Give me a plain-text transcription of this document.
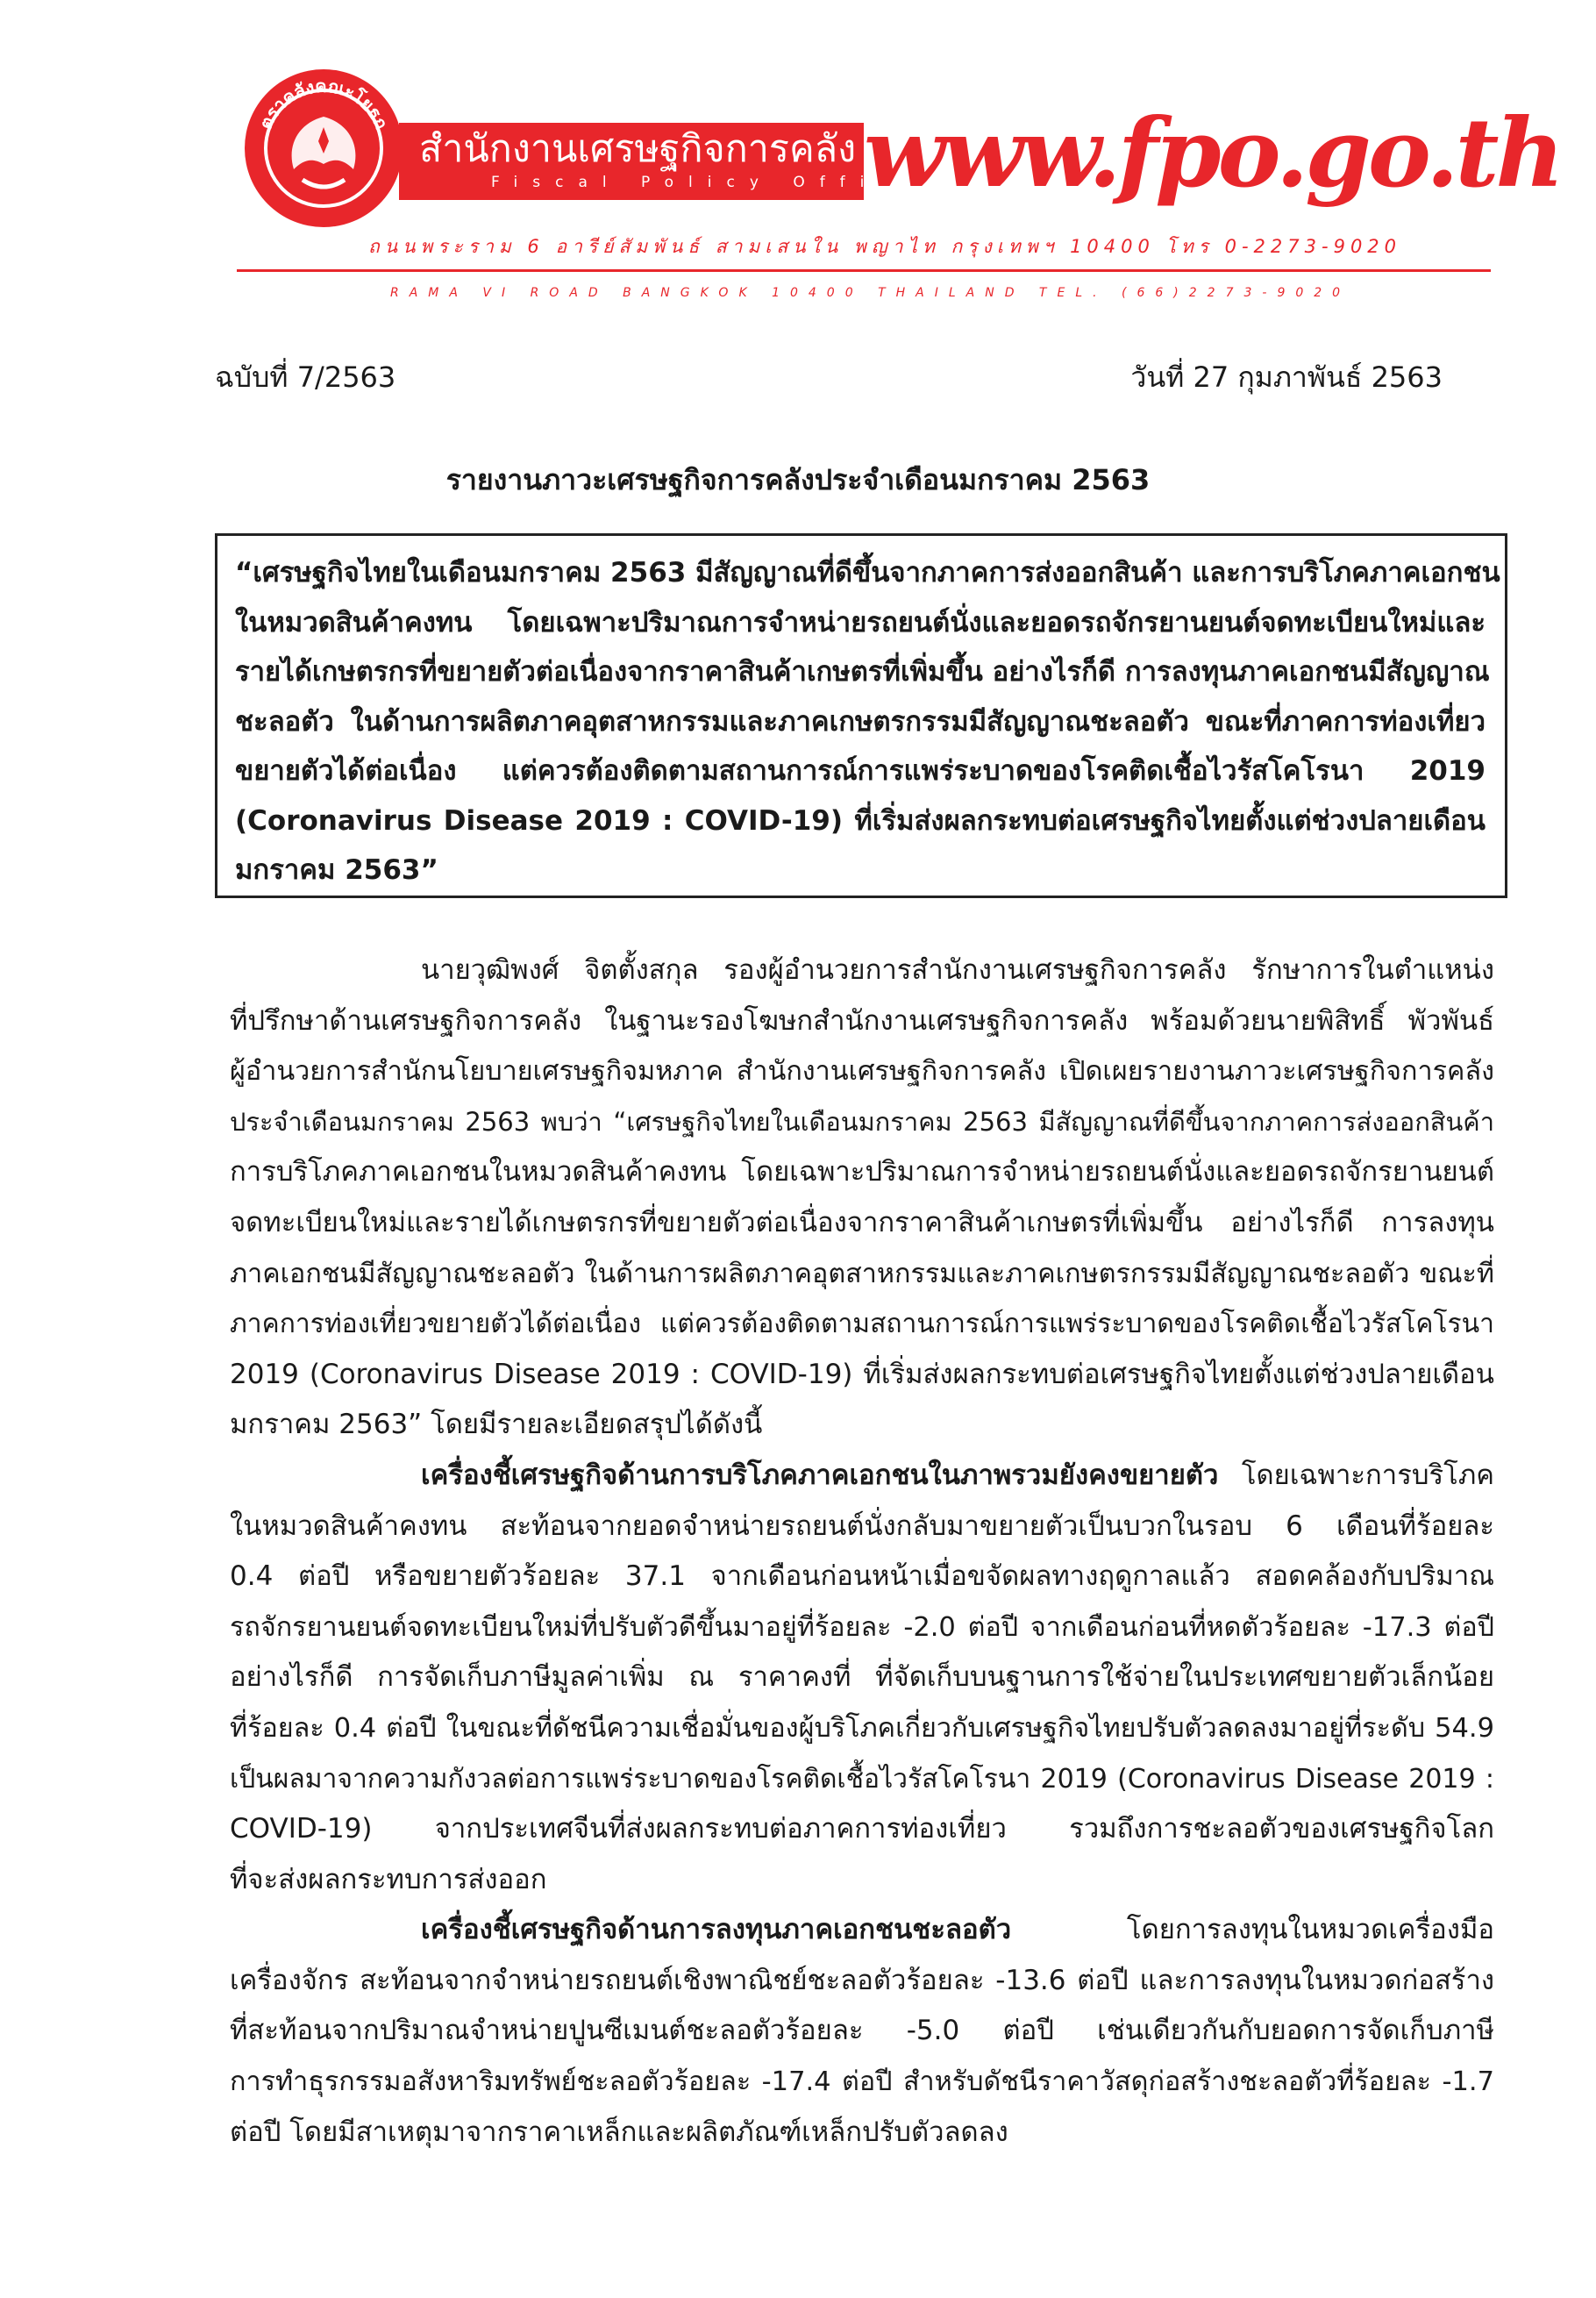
ตราคลังคณะโยธก
สำนักงานเศรษฐกิจการคลัง
Fiscal Policy Office
www.fpo.go.th
ถนนพระราม 6 อารีย์สัมพันธ์ สามเสนใน พญาไท กรุงเทพฯ 10400 โทร 0-2273-9020
RAMA VI ROAD BANGKOK 10400 THAILAND TEL. (66)2273-9020
ฉบับที่ 7/2563	วันที่ 27 กุมภาพันธ์ 2563
รายงานภาวะเศรษฐกิจการคลังประจำเดือนมกราคม 2563
“เศรษฐกิจไทยในเดือนมกราคม 2563 มีสัญญาณที่ดีขึ้นจากภาคการส่งออกสินค้า และการบริโภคภาคเอกชน
ในหมวดสินค้าคงทน โดยเฉพาะปริมาณการจำหน่ายรถยนต์นั่งและยอดรถจักรยานยนต์จดทะเบียนใหม่และ
รายได้เกษตรกรที่ขยายตัวต่อเนื่องจากราคาสินค้าเกษตรที่เพิ่มขึ้น อย่างไรก็ดี การลงทุนภาคเอกชนมีสัญญาณ
ชะลอตัว ในด้านการผลิตภาคอุตสาหกรรมและภาคเกษตรกรรมมีสัญญาณชะลอตัว ขณะที่ภาคการท่องเที่ยว
ขยายตัวได้ต่อเนื่อง แต่ควรต้องติดตามสถานการณ์การแพร่ระบาดของโรคติดเชื้อไวรัสโคโรนา 2019
(Coronavirus Disease 2019 : COVID-19) ที่เริ่มส่งผลกระทบต่อเศรษฐกิจไทยตั้งแต่ช่วงปลายเดือน
มกราคม 2563”
นายวุฒิพงศ์ จิตตั้งสกุล รองผู้อำนวยการสำนักงานเศรษฐกิจการคลัง รักษาการในตำแหน่ง
ที่ปรึกษาด้านเศรษฐกิจการคลัง ในฐานะรองโฆษกสำนักงานเศรษฐกิจการคลัง พร้อมด้วยนายพิสิทธิ์ พัวพันธ์
ผู้อำนวยการสำนักนโยบายเศรษฐกิจมหภาค สำนักงานเศรษฐกิจการคลัง เปิดเผยรายงานภาวะเศรษฐกิจการคลัง
ประจำเดือนมกราคม 2563 พบว่า “เศรษฐกิจไทยในเดือนมกราคม 2563 มีสัญญาณที่ดีขึ้นจากภาคการส่งออกสินค้า
การบริโภคภาคเอกชนในหมวดสินค้าคงทน โดยเฉพาะปริมาณการจำหน่ายรถยนต์นั่งและยอดรถจักรยานยนต์
จดทะเบียนใหม่และรายได้เกษตรกรที่ขยายตัวต่อเนื่องจากราคาสินค้าเกษตรที่เพิ่มขึ้น อย่างไรก็ดี การลงทุน
ภาคเอกชนมีสัญญาณชะลอตัว ในด้านการผลิตภาคอุตสาหกรรมและภาคเกษตรกรรมมีสัญญาณชะลอตัว ขณะที่
ภาคการท่องเที่ยวขยายตัวได้ต่อเนื่อง แต่ควรต้องติดตามสถานการณ์การแพร่ระบาดของโรคติดเชื้อไวรัสโคโรนา
2019 (Coronavirus Disease 2019 : COVID-19) ที่เริ่มส่งผลกระทบต่อเศรษฐกิจไทยตั้งแต่ช่วงปลายเดือน
มกราคม 2563” โดยมีรายละเอียดสรุปได้ดังนี้
เครื่องชี้เศรษฐกิจด้านการบริโภคภาคเอกชนในภาพรวมยังคงขยายตัว โดยเฉพาะการบริโภค
ในหมวดสินค้าคงทน สะท้อนจากยอดจำหน่ายรถยนต์นั่งกลับมาขยายตัวเป็นบวกในรอบ 6 เดือนที่ร้อยละ
0.4 ต่อปี หรือขยายตัวร้อยละ 37.1 จากเดือนก่อนหน้าเมื่อขจัดผลทางฤดูกาลแล้ว สอดคล้องกับปริมาณ
รถจักรยานยนต์จดทะเบียนใหม่ที่ปรับตัวดีขึ้นมาอยู่ที่ร้อยละ -2.0 ต่อปี จากเดือนก่อนที่หดตัวร้อยละ -17.3 ต่อปี
อย่างไรก็ดี การจัดเก็บภาษีมูลค่าเพิ่ม ณ ราคาคงที่ ที่จัดเก็บบนฐานการใช้จ่ายในประเทศขยายตัวเล็กน้อย
ที่ร้อยละ 0.4 ต่อปี ในขณะที่ดัชนีความเชื่อมั่นของผู้บริโภคเกี่ยวกับเศรษฐกิจไทยปรับตัวลดลงมาอยู่ที่ระดับ 54.9
เป็นผลมาจากความกังวลต่อการแพร่ระบาดของโรคติดเชื้อไวรัสโคโรนา 2019 (Coronavirus Disease 2019 :
COVID-19) จากประเทศจีนที่ส่งผลกระทบต่อภาคการท่องเที่ยว รวมถึงการชะลอตัวของเศรษฐกิจโลก
ที่จะส่งผลกระทบการส่งออก
เครื่องชี้เศรษฐกิจด้านการลงทุนภาคเอกชนชะลอตัว โดยการลงทุนในหมวดเครื่องมือ
เครื่องจักร สะท้อนจากจำหน่ายรถยนต์เชิงพาณิชย์ชะลอตัวร้อยละ -13.6 ต่อปี และการลงทุนในหมวดก่อสร้าง
ที่สะท้อนจากปริมาณจำหน่ายปูนซีเมนต์ชะลอตัวร้อยละ -5.0 ต่อปี เช่นเดียวกันกับยอดการจัดเก็บภาษี
การทำธุรกรรมอสังหาริมทรัพย์ชะลอตัวร้อยละ -17.4 ต่อปี สำหรับดัชนีราคาวัสดุก่อสร้างชะลอตัวที่ร้อยละ -1.7
ต่อปี โดยมีสาเหตุมาจากราคาเหล็กและผลิตภัณฑ์เหล็กปรับตัวลดลง
